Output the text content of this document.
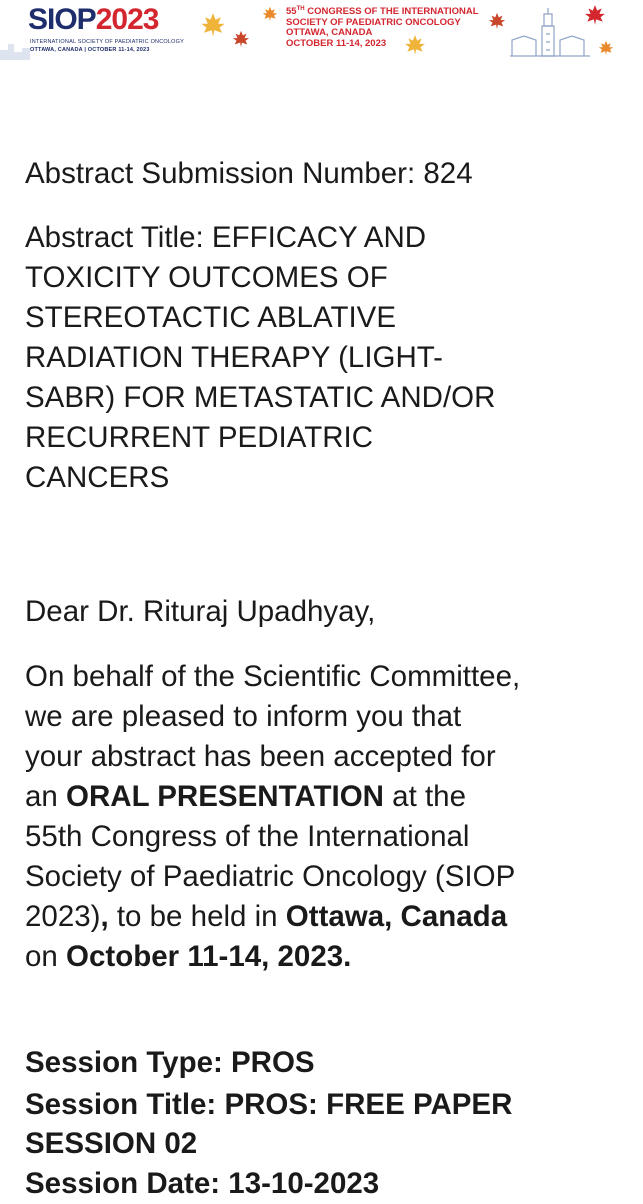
SIOP2023
INTERNATIONAL SOCIETY OF PAEDIATRIC ONCOLOGY
OTTAWA, CANADA | OCTOBER 11-14, 2023
55TH CONGRESS OF THE INTERNATIONAL
SOCIETY OF PAEDIATRIC ONCOLOGY
OTTAWA, CANADA
OCTOBER 11-14, 2023

Abstract Submission Number: 824

Abstract Title: EFFICACY AND

TOXICITY OUTCOMES OF

STEREOTACTIC ABLATIVE

RADIATION THERAPY (LIGHT-

SABR) FOR METASTATIC AND/OR

RECURRENT PEDIATRIC

CANCERS

Dear Dr. Rituraj Upadhyay,

On behalf of the Scientific Committee,

we are pleased to inform you that

your abstract has been accepted for

an ORAL PRESENTATION at the

55th Congress of the International

Society of Paediatric Oncology (SIOP

2023), to be held in Ottawa, Canada

on October 11-14, 2023.

Session Type: PROS

Session Title: PROS: FREE PAPER

SESSION 02

Session Date: 13-10-2023
